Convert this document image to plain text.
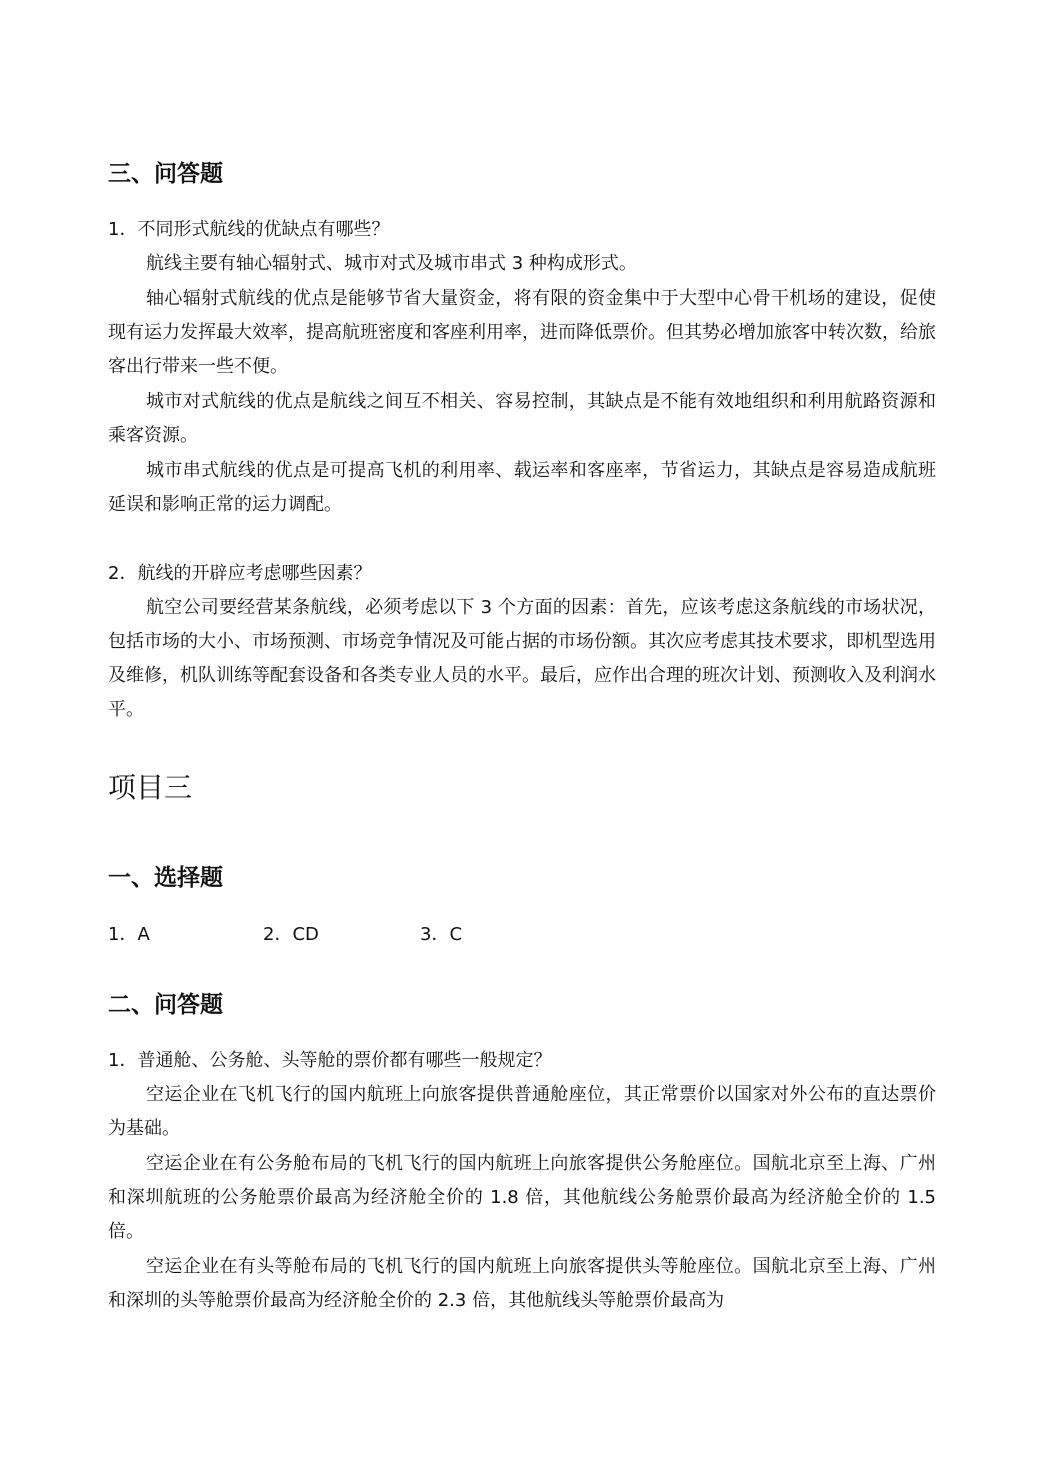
三、问答题
1．不同形式航线的优缺点有哪些？
航线主要有轴心辐射式、城市对式及城市串式 3 种构成形式。
轴心辐射式航线的优点是能够节省大量资金，将有限的资金集中于大型中心骨干机场的建设，促使现有运力发挥最大效率，提高航班密度和客座利用率，进而降低票价。但其势必增加旅客中转次数，给旅客出行带来一些不便。
城市对式航线的优点是航线之间互不相关、容易控制，其缺点是不能有效地组织和利用航路资源和乘客资源。
城市串式航线的优点是可提高飞机的利用率、载运率和客座率，节省运力，其缺点是容易造成航班延误和影响正常的运力调配。
2．航线的开辟应考虑哪些因素？
航空公司要经营某条航线，必须考虑以下 3 个方面的因素：首先，应该考虑这条航线的市场状况，包括市场的大小、市场预测、市场竞争情况及可能占据的市场份额。其次应考虑其技术要求，即机型选用及维修，机队训练等配套设备和各类专业人员的水平。最后，应作出合理的班次计划、预测收入及利润水平。
项目三
一、选择题
1．A	2．CD	3．C
二、问答题
1．普通舱、公务舱、头等舱的票价都有哪些一般规定？
空运企业在飞机飞行的国内航班上向旅客提供普通舱座位，其正常票价以国家对外公布的直达票价为基础。
空运企业在有公务舱布局的飞机飞行的国内航班上向旅客提供公务舱座位。国航北京至上海、广州和深圳航班的公务舱票价最高为经济舱全价的 1.8 倍，其他航线公务舱票价最高为经济舱全价的 1.5 倍。
空运企业在有头等舱布局的飞机飞行的国内航班上向旅客提供头等舱座位。国航北京至上海、广州和深圳的头等舱票价最高为经济舱全价的 2.3 倍，其他航线头等舱票价最高为
